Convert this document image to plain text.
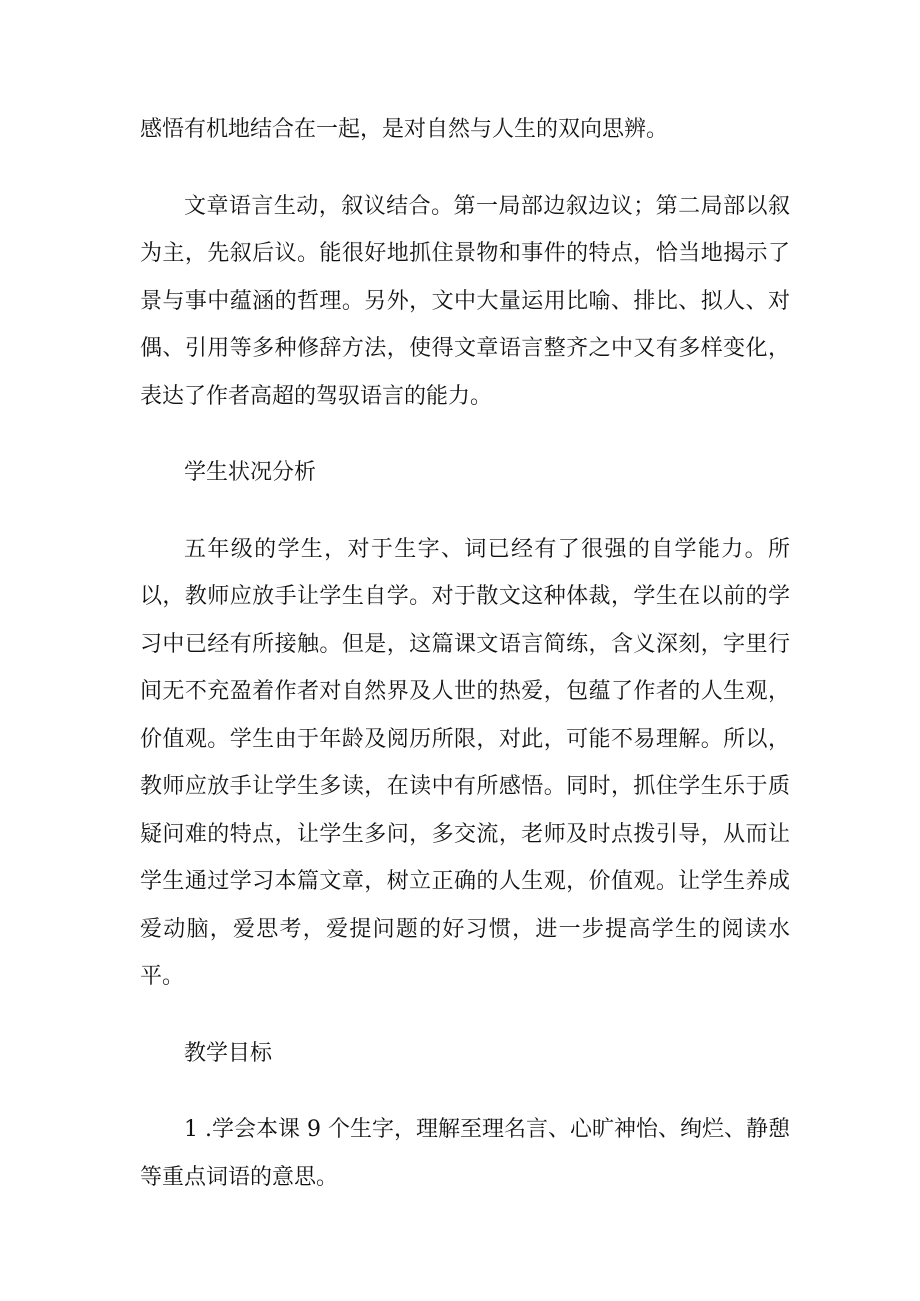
感悟有机地结合在一起，是对自然与人生的双向思辨。

文章语言生动，叙议结合。第一局部边叙边议；第二局部以叙为主，先叙后议。能很好地抓住景物和事件的特点，恰当地揭示了景与事中蕴涵的哲理。另外，文中大量运用比喻、排比、拟人、对偶、引用等多种修辞方法，使得文章语言整齐之中又有多样变化，表达了作者高超的驾驭语言的能力。

学生状况分析

五年级的学生，对于生字、词已经有了很强的自学能力。所以，教师应放手让学生自学。对于散文这种体裁，学生在以前的学习中已经有所接触。但是，这篇课文语言简练，含义深刻，字里行间无不充盈着作者对自然界及人世的热爱，包蕴了作者的人生观，价值观。学生由于年龄及阅历所限，对此，可能不易理解。所以，教师应放手让学生多读，在读中有所感悟。同时，抓住学生乐于质疑问难的特点，让学生多问，多交流，老师及时点拨引导，从而让学生通过学习本篇文章，树立正确的人生观，价值观。让学生养成爱动脑，爱思考，爱提问题的好习惯，进一步提高学生的阅读水平。

教学目标

1 .学会本课 9 个生字，理解至理名言、心旷神怡、绚烂、静憩等重点词语的意思。
